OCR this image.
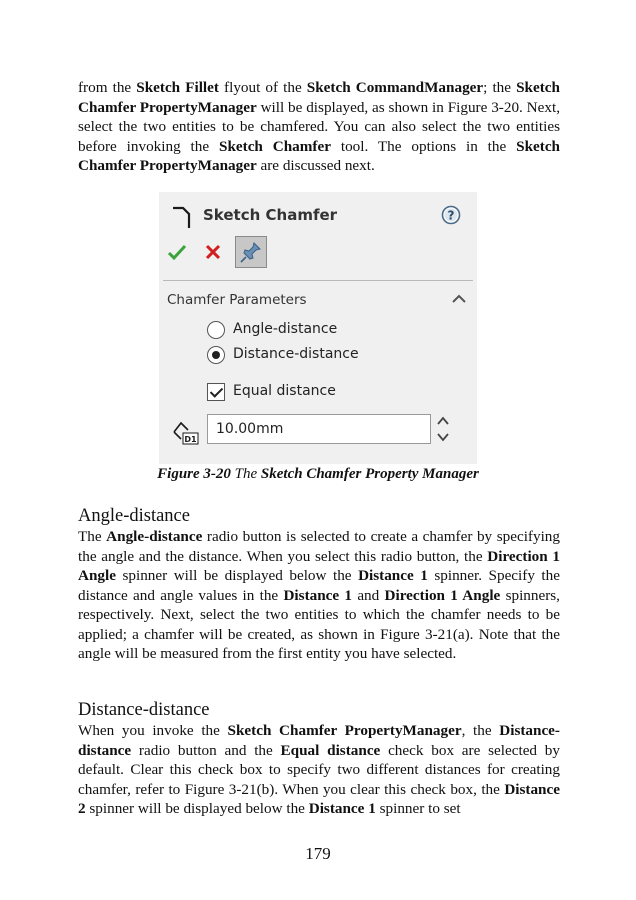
from the Sketch Fillet flyout of the Sketch CommandManager; the Sketch Chamfer PropertyManager will be displayed, as shown in Figure 3-20. Next, select the two entities to be chamfered. You can also select the two entities before invoking the Sketch Chamfer tool. The options in the Sketch Chamfer PropertyManager are discussed next.

Sketch Chamfer	?
Chamfer Parameters
Angle-distance
Distance-distance
Equal distance
D1
10.00mm
Figure 3-20 The Sketch Chamfer Property Manager
Angle-distance

The Angle-distance radio button is selected to create a chamfer by specifying the angle and the distance. When you select this radio button, the Direction 1 Angle spinner will be displayed below the Distance 1 spinner. Specify the distance and angle values in the Distance 1 and Direction 1 Angle spinners, respectively. Next, select the two entities to which the chamfer needs to be applied; a chamfer will be created, as shown in Figure 3-21(a). Note that the angle will be measured from the first entity you have selected.

Distance-distance

When you invoke the Sketch Chamfer PropertyManager, the Distance-distance radio button and the Equal distance check box are selected by default. Clear this check box to specify two different distances for creating chamfer, refer to Figure 3-21(b). When you clear this check box, the Distance 2 spinner will be displayed below the Distance 1 spinner to set

179
